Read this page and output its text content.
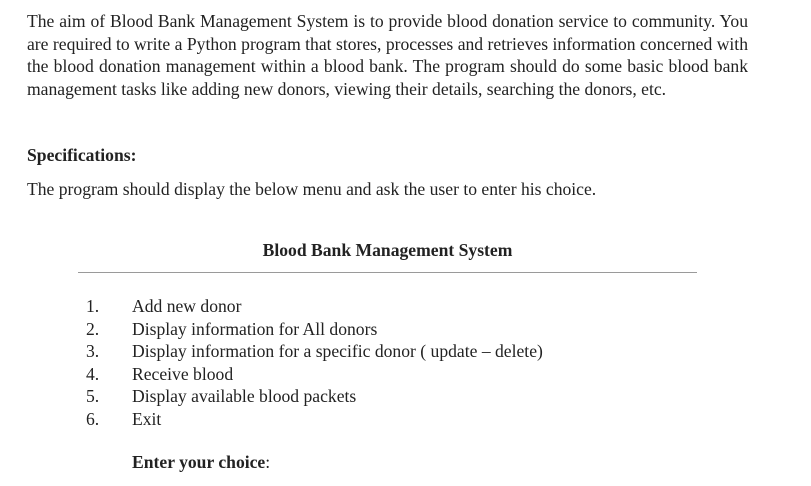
The aim of Blood Bank Management System is to provide blood donation service to community. You are required to write a Python program that stores, processes and retrieves information concerned with the blood donation management within a blood bank. The program should do some basic blood bank management tasks like adding new donors, viewing their details, searching the donors, etc.

Specifications:

The program should display the below menu and ask the user to enter his choice.

Blood Bank Management System

1.	Add new donor
2.	Display information for All donors
3.	Display information for a specific donor ( update – delete)
4.	Receive blood
5.	Display available blood packets
6.	Exit

Enter your choice:
